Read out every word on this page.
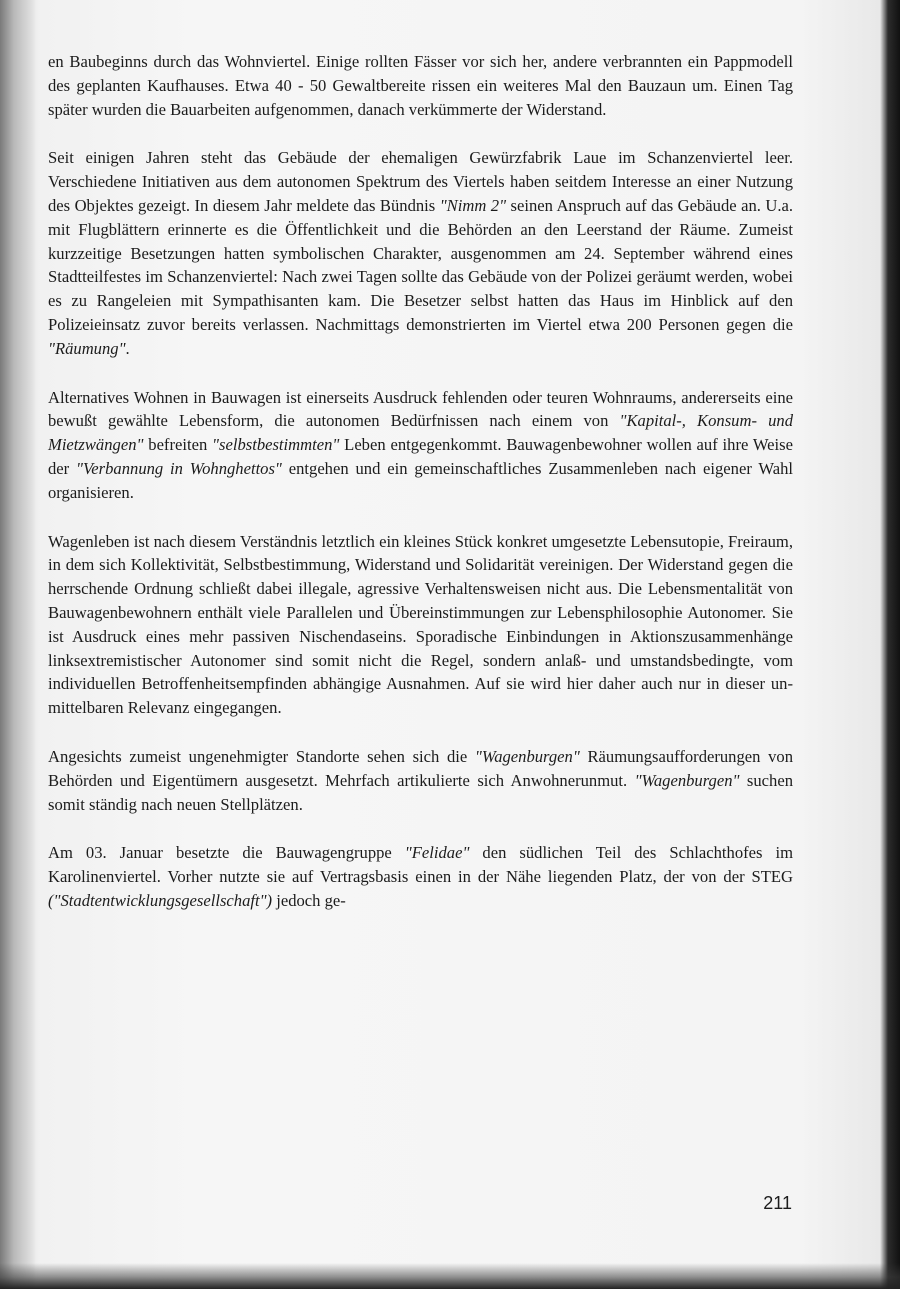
en Baubeginns durch das Wohnviertel. Einige rollten Fässer vor sich her, andere verbrannten ein Pappmodell des geplanten Kaufhauses. Etwa 40 - 50 Gewaltbereite rissen ein weiteres Mal den Bauzaun um. Einen Tag später wurden die Bauarbeiten aufgenommen, danach verkümmerte der Widerstand.

Seit einigen Jahren steht das Gebäude der ehemaligen Gewürzfabrik Laue im Schanzenviertel leer. Verschiedene Initiativen aus dem autonomen Spektrum des Viertels haben seitdem Interesse an einer Nutzung des Objektes gezeigt. In diesem Jahr meldete das Bündnis "Nimm 2" seinen Anspruch auf das Gebäude an. U.a. mit Flugblättern erinnerte es die Öffentlichkeit und die Behörden an den Leerstand der Räume. Zumeist kurzzeitige Besetzungen hatten symbolischen Charakter, ausgenommen am 24. September während eines Stadtteilfestes im Schanzenviertel: Nach zwei Tagen sollte das Gebäude von der Polizei geräumt werden, wobei es zu Rangeleien mit Sympathisanten kam. Die Besetzer selbst hatten das Haus im Hinblick auf den Polizeieinsatz zuvor bereits verlassen. Nachmittags demonstrierten im Viertel etwa 200 Personen gegen die "Räumung".

Alternatives Wohnen in Bauwagen ist einerseits Ausdruck fehlenden oder teuren Wohnraums, andererseits eine bewußt gewählte Lebensform, die autonomen Bedürfnissen nach einem von "Kapital-, Konsum- und Mietzwängen" befreiten "selbstbestimmten" Leben entgegenkommt. Bauwagenbewohner wollen auf ihre Weise der "Verbannung in Wohnghettos" entgehen und ein gemeinschaftliches Zusammenleben nach eigener Wahl organisieren.

Wagenleben ist nach diesem Verständnis letztlich ein kleines Stück konkret umgesetzte Lebensutopie, Freiraum, in dem sich Kollektivität, Selbstbestimmung, Widerstand und Solidarität vereinigen. Der Widerstand gegen die herrschende Ordnung schließt dabei illegale, agressive Verhaltensweisen nicht aus. Die Lebensmentalität von Bauwagenbewohnern enthält viele Parallelen und Übereinstimmungen zur Lebensphilosophie Autonomer. Sie ist Ausdruck eines mehr passiven Nischendaseins. Sporadische Einbindungen in Aktionszusammenhänge linksextremistischer Autonomer sind somit nicht die Regel, sondern anlaß- und umstandsbedingte, vom individuellen Betroffenheitsempfinden abhängige Ausnahmen. Auf sie wird hier daher auch nur in dieser unmittelbaren Relevanz eingegangen.

Angesichts zumeist ungenehmigter Standorte sehen sich die "Wagenburgen" Räumungsaufforderungen von Behörden und Eigentümern ausgesetzt. Mehrfach artikulierte sich Anwohnerunmut. "Wagenburgen" suchen somit ständig nach neuen Stellplätzen.

Am 03. Januar besetzte die Bauwagengruppe "Felidae" den südlichen Teil des Schlachthofes im Karolinenviertel. Vorher nutzte sie auf Vertragsbasis einen in der Nähe liegenden Platz, der von der STEG ("Stadtentwicklungsgesellschaft") jedoch ge-

211
